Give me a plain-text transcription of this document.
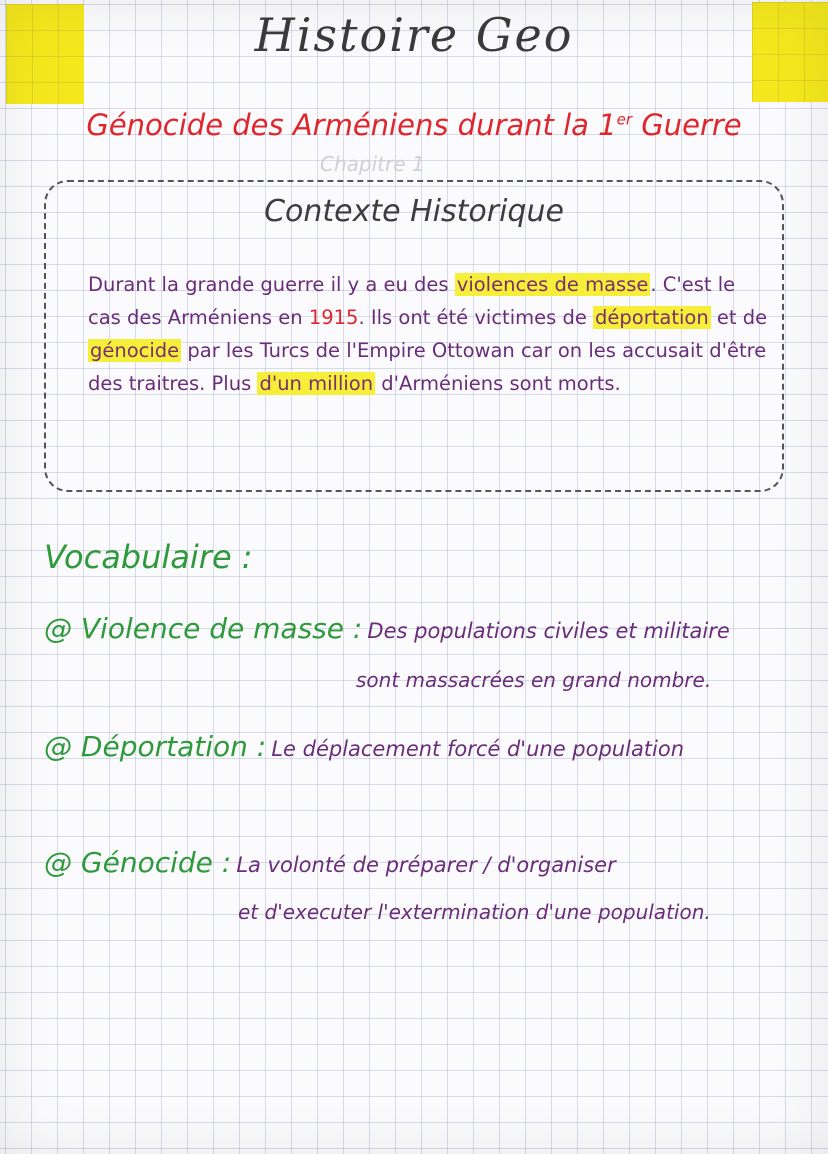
Histoire Geo
Génocide des Arméniens durant la 1er Guerre
Chapitre 1
Contexte Historique
Durant la grande guerre il y a eu des violences de masse . C'est le cas des Arméniens en 1915. Ils ont été victimes de déportation et de génocide par les Turcs de l'Empire Ottowan car on les accusait d'être des traitres. Plus d'un million d'Arméniens sont morts.
Vocabulaire :
@ Violence de masse : Des populations civiles et militaire
sont massacrées en grand nombre.
@ Déportation : Le déplacement forcé d'une population
@ Génocide : La volonté de préparer / d'organiser
et d'executer l'extermination d'une population.
